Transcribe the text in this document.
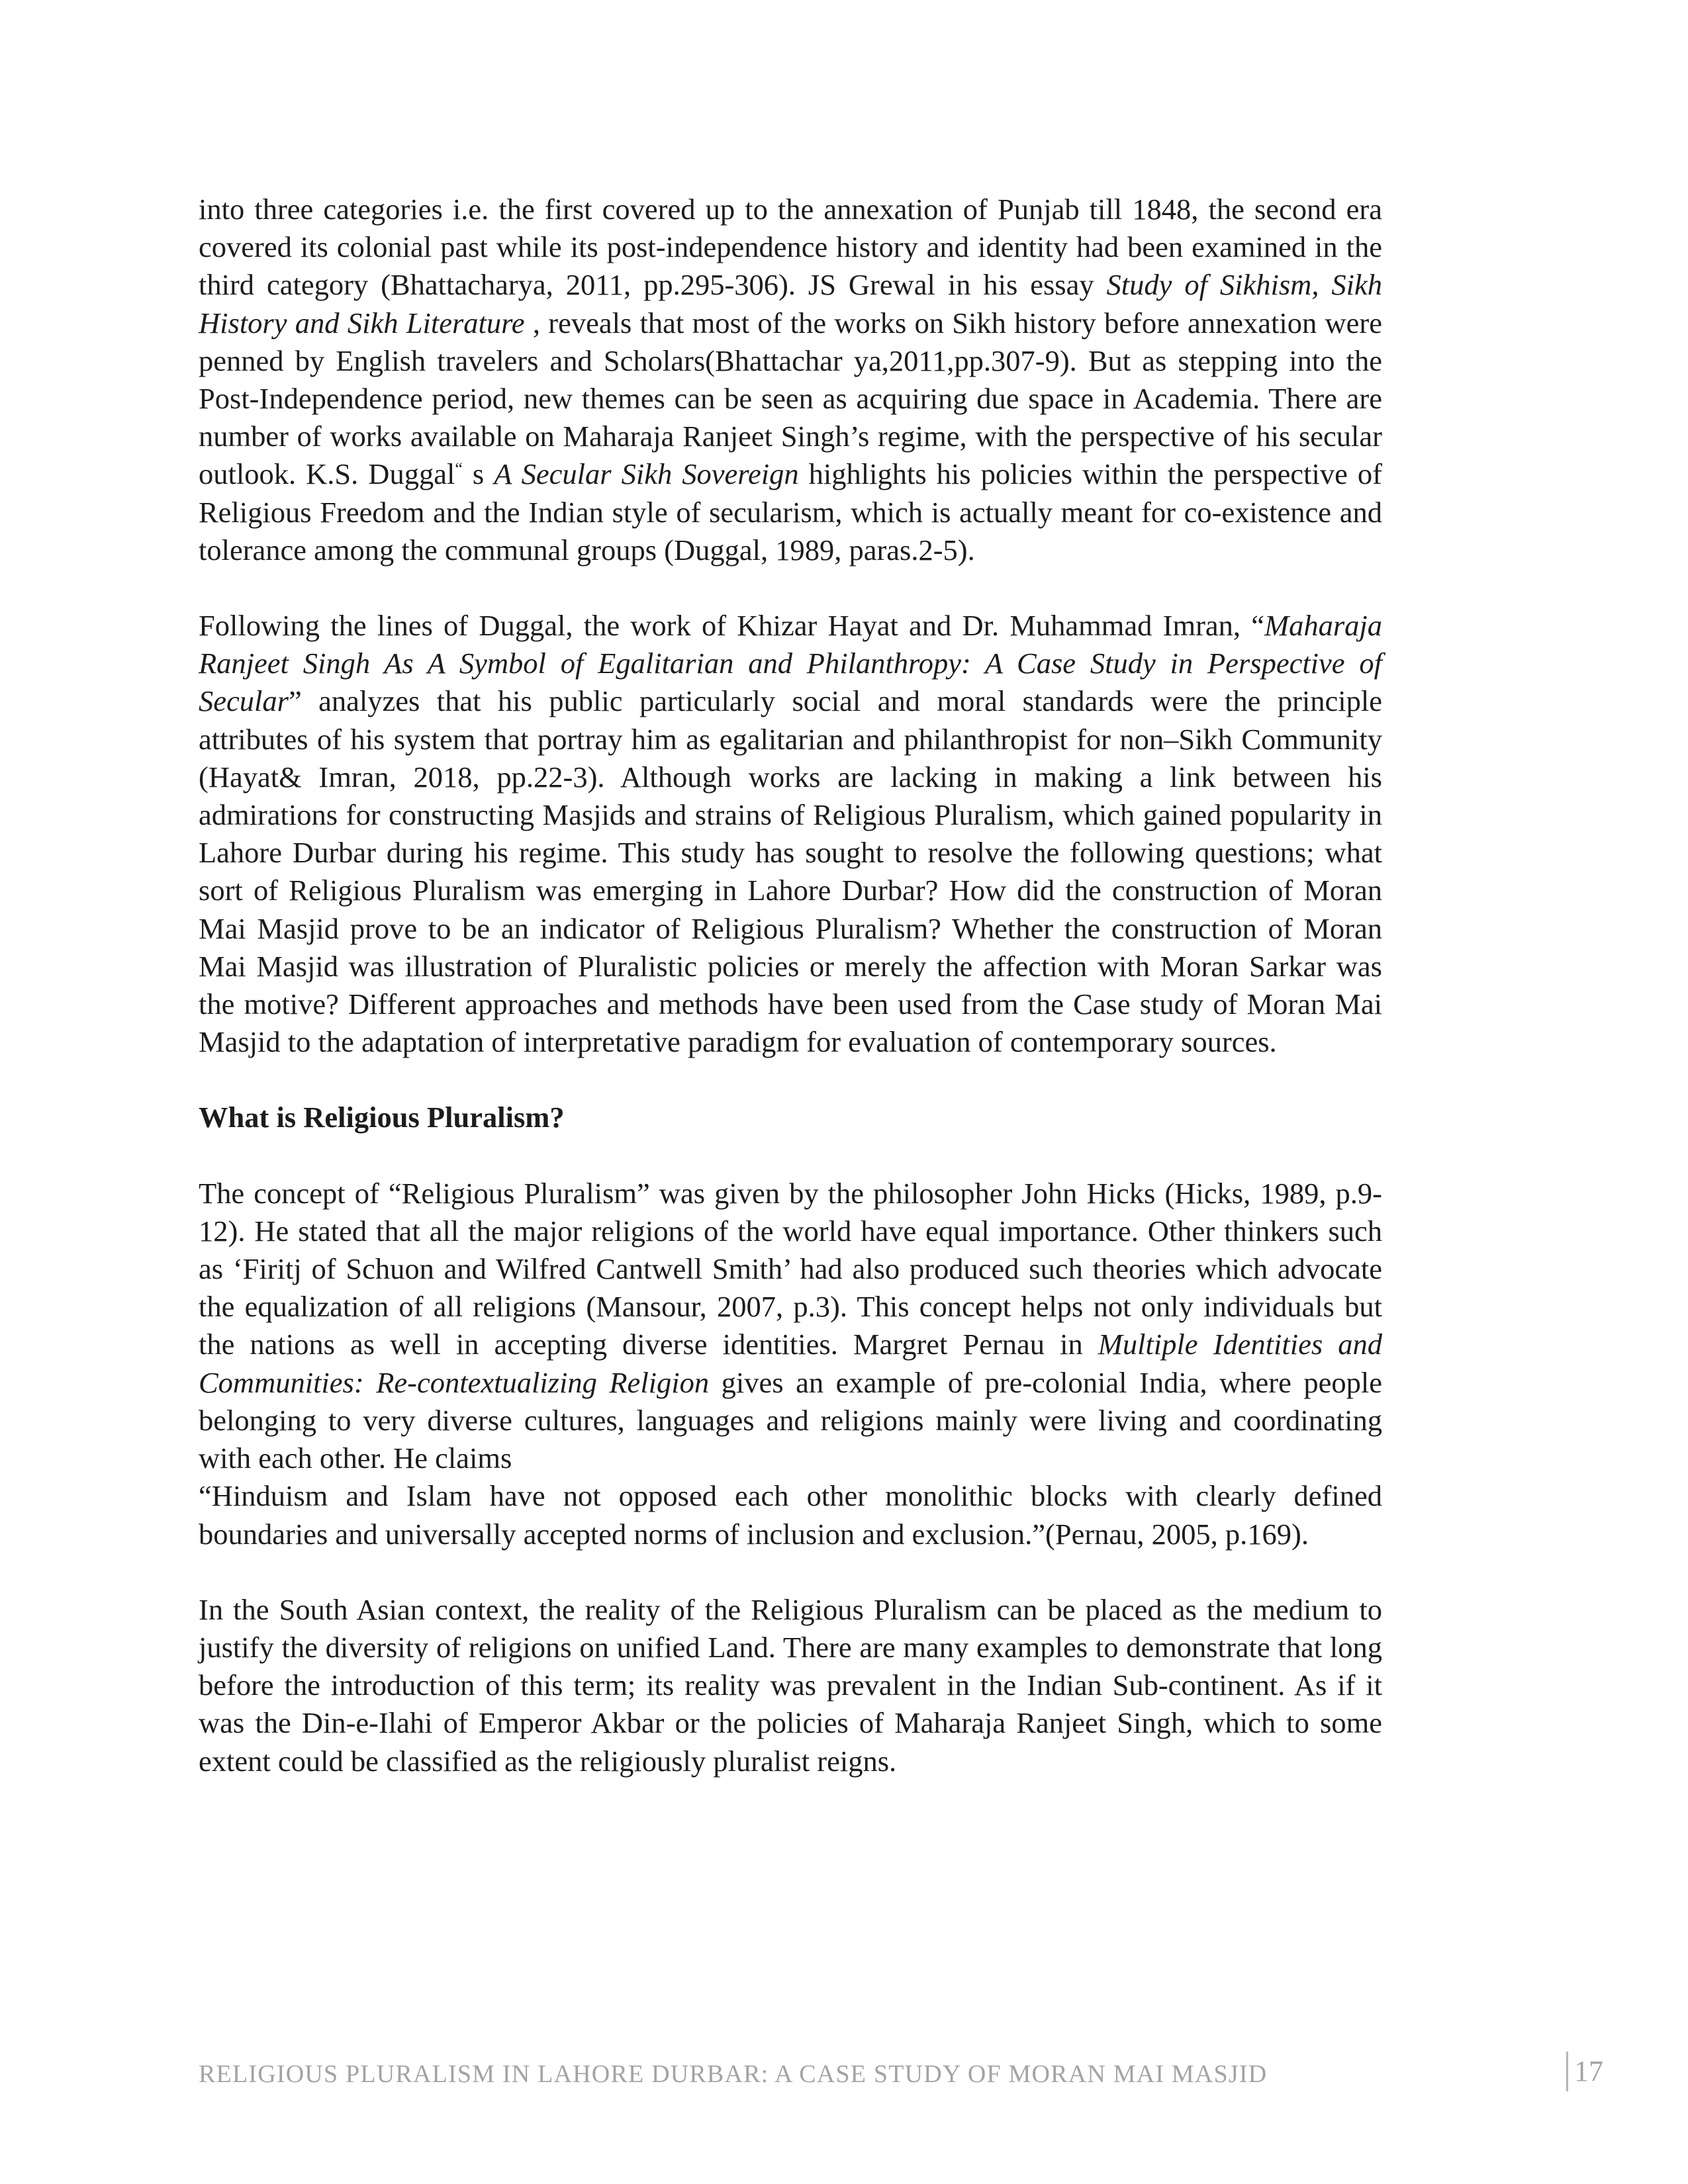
into three categories i.e. the first covered up to the annexation of Punjab till 1848, the second era covered its colonial past while its post-independence history and identity had been examined in the third category (Bhattacharya, 2011, pp.295-306). JS Grewal in his essay Study of Sikhism, Sikh History and Sikh Literature , reveals that most of the works on Sikh history before annexation were penned by English travelers and Scholars(Bhattachar ya,2011,pp.307-9). But as stepping into the Post-Independence period, new themes can be seen as acquiring due space in Academia. There are number of works available on Maharaja Ranjeet Singh’s regime, with the perspective of his secular outlook. K.S. Duggal“ s A Secular Sikh Sovereign highlights his policies within the perspective of Religious Freedom and the Indian style of secularism, which is actually meant for co-existence and tolerance among the communal groups (Duggal, 1989, paras.2-5).

Following the lines of Duggal, the work of Khizar Hayat and Dr. Muhammad Imran, “Maharaja Ranjeet Singh As A Symbol of Egalitarian and Philanthropy: A Case Study in Perspective of Secular” analyzes that his public particularly social and moral standards were the principle attributes of his system that portray him as egalitarian and philanthropist for non–Sikh Community (Hayat& Imran, 2018, pp.22-3). Although works are lacking in making a link between his admirations for constructing Masjids and strains of Religious Pluralism, which gained popularity in Lahore Durbar during his regime. This study has sought to resolve the following questions; what sort of Religious Pluralism was emerging in Lahore Durbar? How did the construction of Moran Mai Masjid prove to be an indicator of Religious Pluralism? Whether the construction of Moran Mai Masjid was illustration of Pluralistic policies or merely the affection with Moran Sarkar was the motive? Different approaches and methods have been used from the Case study of Moran Mai Masjid to the adaptation of interpretative paradigm for evaluation of contemporary sources.

What is Religious Pluralism?

The concept of “Religious Pluralism” was given by the philosopher John Hicks (Hicks, 1989, p.9-12). He stated that all the major religions of the world have equal importance. Other thinkers such as ‘Firitj of Schuon and Wilfred Cantwell Smith’ had also produced such theories which advocate the equalization of all religions (Mansour, 2007, p.3). This concept helps not only individuals but the nations as well in accepting diverse identities. Margret Pernau in Multiple Identities and Communities: Re-contextualizing Religion gives an example of pre-colonial India, where people belonging to very diverse cultures, languages and religions mainly were living and coordinating with each other. He claims

“Hinduism and Islam have not opposed each other monolithic blocks with clearly defined boundaries and universally accepted norms of inclusion and exclusion.”(Pernau, 2005, p.169).

In the South Asian context, the reality of the Religious Pluralism can be placed as the medium to justify the diversity of religions on unified Land. There are many examples to demonstrate that long before the introduction of this term; its reality was prevalent in the Indian Sub-continent. As if it was the Din-e-Ilahi of Emperor Akbar or the policies of Maharaja Ranjeet Singh, which to some extent could be classified as the religiously pluralist reigns.

RELIGIOUS PLURALISM IN LAHORE DURBAR: A CASE STUDY OF MORAN MAI MASJID	17
